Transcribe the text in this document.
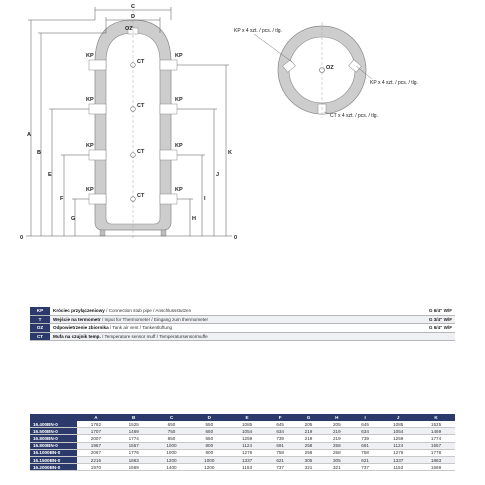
OZ
KP
KP
KP
KP
KP
KP
KP
KP
CT
CT
CT
CT
C
D
A
B
E
F
G	H
I
J
K
0	0
OZ
KP x 4 szt. / pcs. / tlg.
KP x 4 szt. / pcs. / tlg.
CT x 4 szt. / pcs. / tlg.
KP	Króciec przyłączeniowy / Connection stub pipe / Anschlussstutzen	G 6/4" W/F
T	Wejście na termometr / Input for Thermometer / Eingang zum thermometer	G 3/4" W/F
OZ	Odpowietrzenie zbiornika / Tank air vent / Tankentlüftung	G 6/4" W/F
CT	Mufa na czujnik temp. / Temperature sensor muff / Temperatursensormuffe	
	A	B	C	D	E	F	G	H	I	J	K
16.400BN-0	1762	1525	650	550	1085	645	205	205	645	1085	1525
16.500BN-0	1707	1469	750	650	1054	634	219	219	634	1054	1469
16.800BN-0	2007	1774	850	650	1259	739	219	219	739	1259	1774
16.800BN-0	1967	1557	1000	800	1124	691	258	258	691	1124	1557
16.1000BN-0	2067	1776	1000	800	1276	758	258	258	758	1276	1778
16.1500BN-0	2216	1863	1200	1000	1337	621	305	305	621	1337	1863
16.2000BN-0	1970	1569	1400	1200	1153	737	321	321	737	1153	1569
